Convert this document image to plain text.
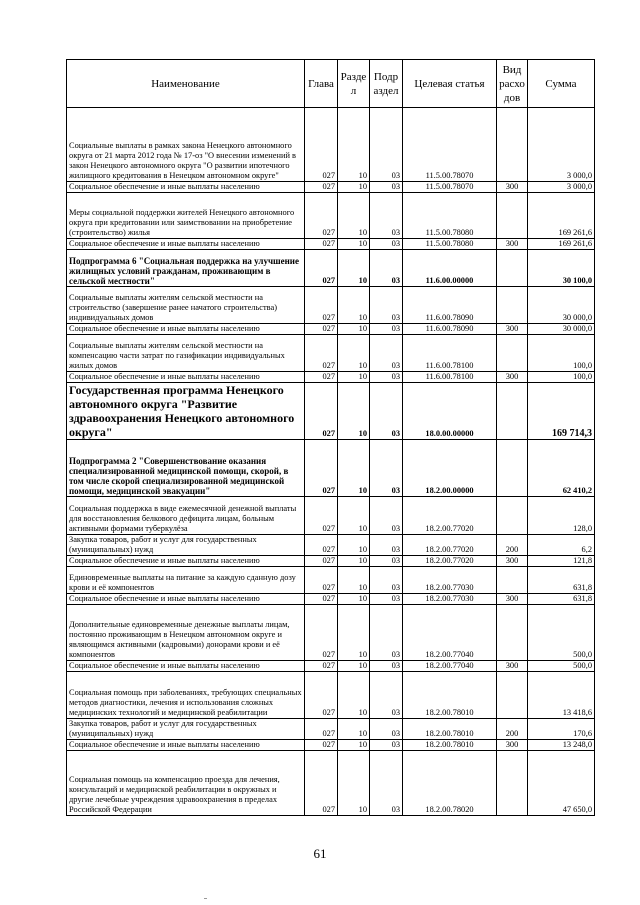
Наименование	Глава	Разде л	Подр аздел	Целевая статья	Вид расхо дов	Сумма
Социальные выплаты в рамках закона Ненецкого автономного округа от 21 марта 2012 года № 17-оз "О внесении изменений в закон Ненецкого автономного округа "О развитии ипотечного жилищного кредитования в Ненецком автономном округе"	027	10	03	11.5.00.78070		3 000,0
Социальное обеспечение и иные выплаты населению	027	10	03	11.5.00.78070	300	3 000,0
Меры социальной поддержки жителей Ненецкого автономного округа при кредитовании или заимствовании на приобретение (строительство) жилья	027	10	03	11.5.00.78080		169 261,6
Социальное обеспечение и иные выплаты населению	027	10	03	11.5.00.78080	300	169 261,6
Подпрограмма 6 "Социальная поддержка на улучшение жилищных условий гражданам, проживающим в сельской местности"	027	10	03	11.6.00.00000		30 100,0
Социальные выплаты жителям сельской местности на строительство (завершение ранее начатого строительства) индивидуальных домов	027	10	03	11.6.00.78090		30 000,0
Социальное обеспечение и иные выплаты населению	027	10	03	11.6.00.78090	300	30 000,0
Социальные выплаты жителям сельской местности на компенсацию части затрат по газификации индивидуальных жилых домов	027	10	03	11.6.00.78100		100,0
Социальное обеспечение и иные выплаты населению	027	10	03	11.6.00.78100	300	100,0
Государственная программа Ненецкого автономного округа "Развитие здравоохранения Ненецкого автономного округа"	027	10	03	18.0.00.00000		169 714,3
Подпрограмма 2 "Совершенствование оказания специализированной медицинской помощи, скорой, в том числе скорой специализированной медицинской помощи, медицинской эвакуации"	027	10	03	18.2.00.00000		62 410,2
Социальная поддержка в виде ежемесячной денежной выплаты для восстановления белкового дефицита лицам, больным активными формами туберкулёза	027	10	03	18.2.00.77020		128,0
Закупка товаров, работ и услуг для государственных (муниципальных) нужд	027	10	03	18.2.00.77020	200	6,2
Социальное обеспечение и иные выплаты населению	027	10	03	18.2.00.77020	300	121,8
Единовременные выплаты на питание за каждую сданную дозу крови и её компонентов	027	10	03	18.2.00.77030		631,8
Социальное обеспечение и иные выплаты населению	027	10	03	18.2.00.77030	300	631,8
Дополнительные единовременные денежные выплаты лицам, постоянно проживающим в Ненецком автономном округе и являющимся активными (кадровыми) донорами крови и её компонентов	027	10	03	18.2.00.77040		500,0
Социальное обеспечение и иные выплаты населению	027	10	03	18.2.00.77040	300	500,0
Социальная помощь при заболеваниях, требующих специальных методов диагностики, лечения и использования сложных медицинских технологий и медицинской реабилитации	027	10	03	18.2.00.78010		13 418,6
Закупка товаров, работ и услуг для государственных (муниципальных) нужд	027	10	03	18.2.00.78010	200	170,6
Социальное обеспечение и иные выплаты населению	027	10	03	18.2.00.78010	300	13 248,0
Социальная помощь на компенсацию проезда для лечения, консультаций и медицинской реабилитации в окружных и другие лечебные учреждения здравоохранения в пределах Российской Федерации	027	10	03	18.2.00.78020		47 650,0
61
